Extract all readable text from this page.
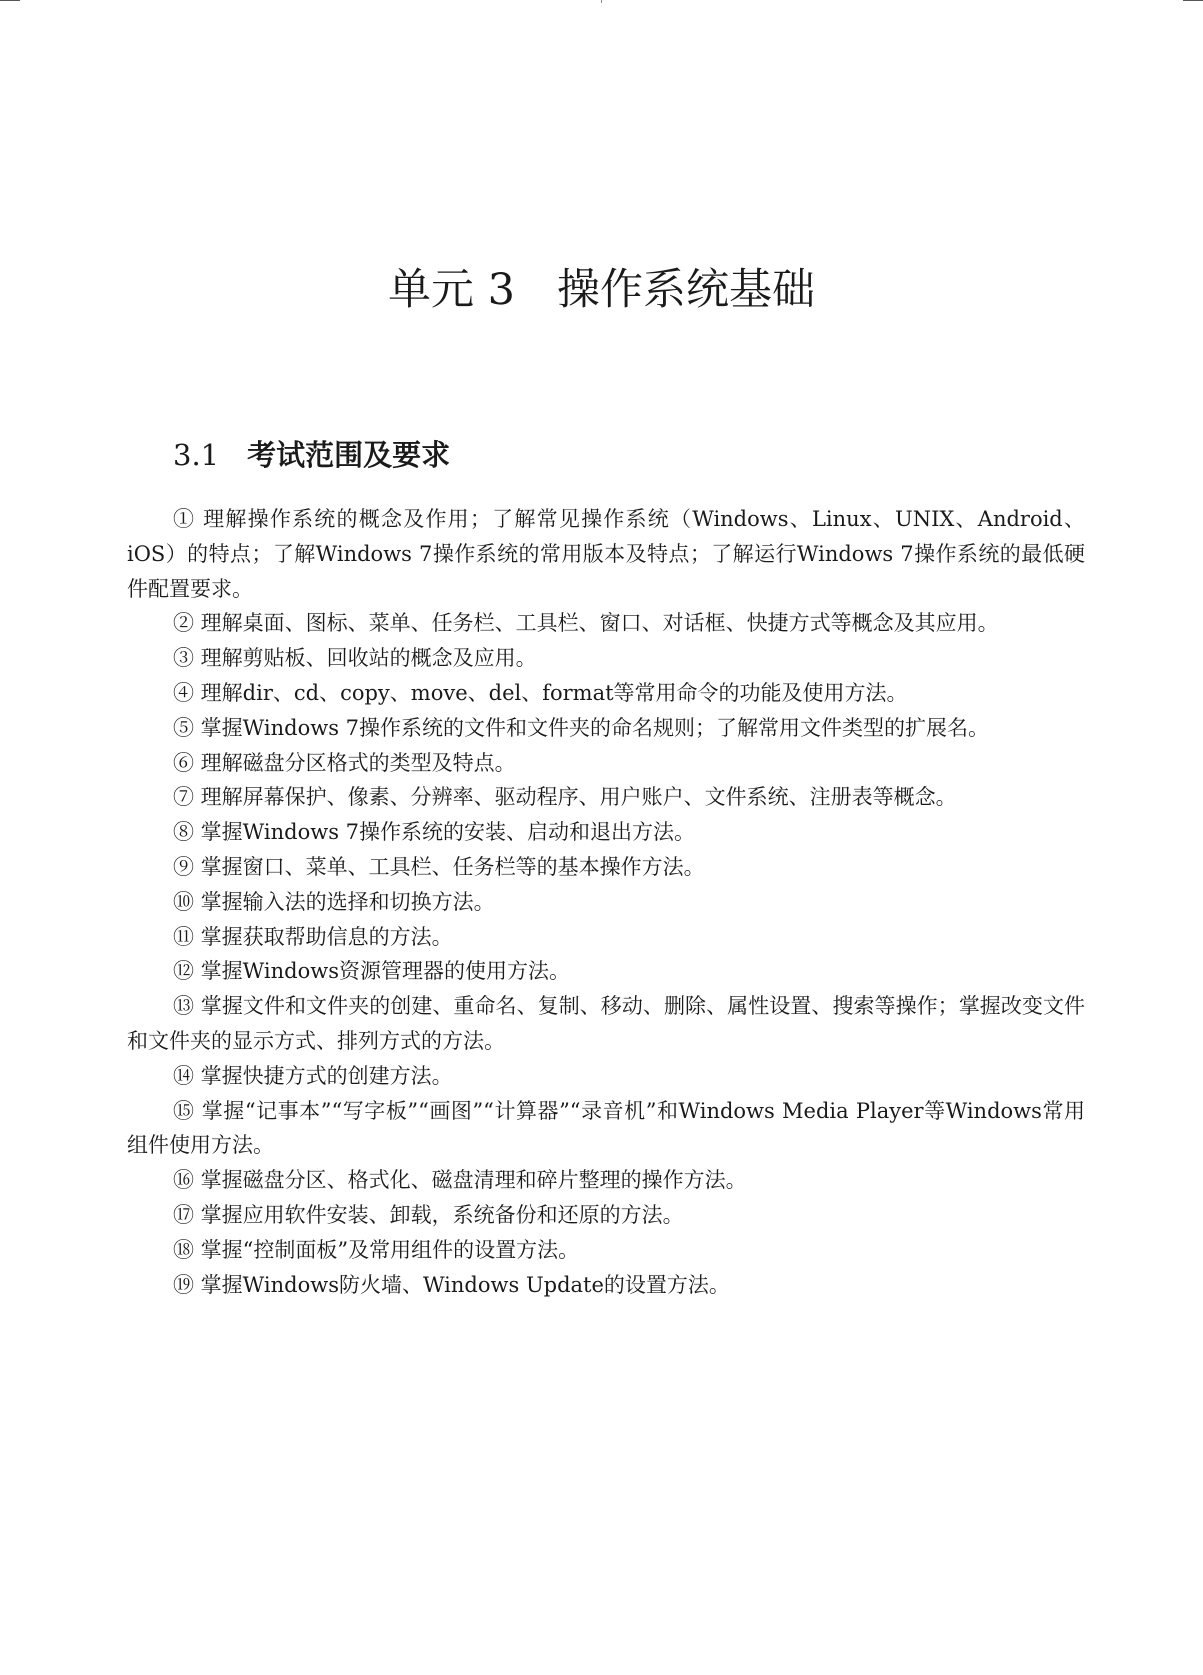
单元 3 操作系统基础
3.1 考试范围及要求

① 理解操作系统的概念及作用；了解常见操作系统（Windows、Linux、UNIX、Android、iOS）的特点；了解Windows 7操作系统的常用版本及特点；了解运行Windows 7操作系统的最低硬件配置要求。

② 理解桌面、图标、菜单、任务栏、工具栏、窗口、对话框、快捷方式等概念及其应用。

③ 理解剪贴板、回收站的概念及应用。

④ 理解dir、cd、copy、move、del、format等常用命令的功能及使用方法。

⑤ 掌握Windows 7操作系统的文件和文件夹的命名规则；了解常用文件类型的扩展名。

⑥ 理解磁盘分区格式的类型及特点。

⑦ 理解屏幕保护、像素、分辨率、驱动程序、用户账户、文件系统、注册表等概念。

⑧ 掌握Windows 7操作系统的安装、启动和退出方法。

⑨ 掌握窗口、菜单、工具栏、任务栏等的基本操作方法。

⑩ 掌握输入法的选择和切换方法。

⑪ 掌握获取帮助信息的方法。

⑫ 掌握Windows资源管理器的使用方法。

⑬ 掌握文件和文件夹的创建、重命名、复制、移动、删除、属性设置、搜索等操作；掌握改变文件和文件夹的显示方式、排列方式的方法。

⑭ 掌握快捷方式的创建方法。

⑮ 掌握“记事本”“写字板”“画图”“计算器”“录音机”和Windows Media Player等Windows常用组件使用方法。

⑯ 掌握磁盘分区、格式化、磁盘清理和碎片整理的操作方法。

⑰ 掌握应用软件安装、卸载，系统备份和还原的方法。

⑱ 掌握“控制面板”及常用组件的设置方法。

⑲ 掌握Windows防火墙、Windows Update的设置方法。
